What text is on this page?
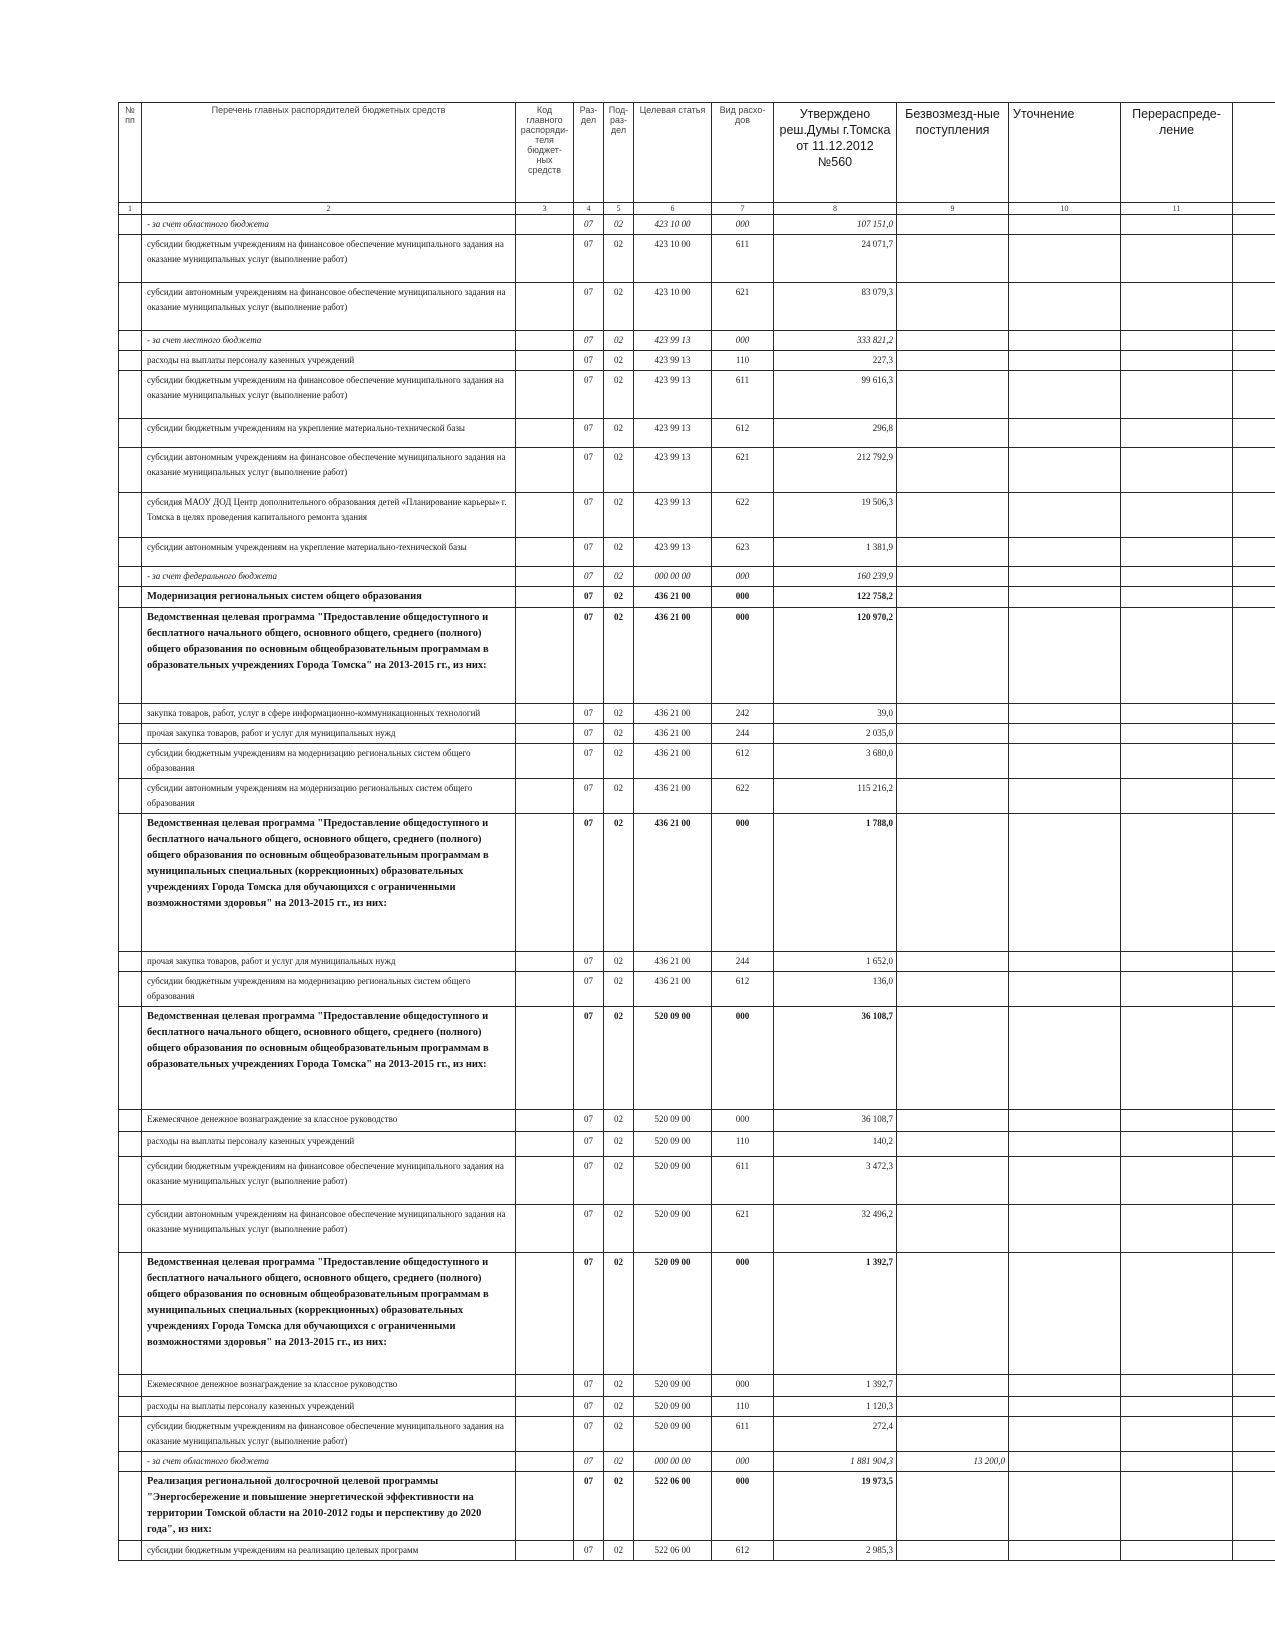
№ пп	Перечень главных распорядителей бюджетных средств	Код главного распоряди-теля бюджет-ных средств	Раз-дел	Под-раз-дел	Целевая статья	Вид расхо-дов	Утверждено реш.Думы г.Томска от 11.12.2012 №560	Безвозмезд-ные поступления	Уточнение	Перераспреде-ление	
1	2	3	4	5	6	7	8	9	10	11	
	- за счет областного бюджета		07	02	423 10 00	000	107 151,0				
	субсидии бюджетным учреждениям на финансовое обеспечение муниципального задания на оказание муниципальных услуг (выполнение работ)		07	02	423 10 00	611	24 071,7				
	субсидии автономным учреждениям на финансовое обеспечение муниципального задания на оказание муниципальных услуг (выполнение работ)		07	02	423 10 00	621	83 079,3				
	- за счет местного бюджета		07	02	423 99 13	000	333 821,2				
	расходы на выплаты персоналу казенных учреждений		07	02	423 99 13	110	227,3				
	субсидии бюджетным учреждениям на финансовое обеспечение муниципального задания на оказание муниципальных услуг (выполнение работ)		07	02	423 99 13	611	99 616,3				
	субсидии бюджетным учреждениям на укрепление материально-технической базы		07	02	423 99 13	612	296,8				
	субсидии автономным учреждениям на финансовое обеспечение муниципального задания на оказание муниципальных услуг (выполнение работ)		07	02	423 99 13	621	212 792,9				
	субсидия МАОУ ДОД Центр дополнительного образования детей «Планирование карьеры» г. Томска в целях проведения капитального ремонта здания		07	02	423 99 13	622	19 506,3				
	субсидии автономным учреждениям на укрепление материально-технической базы		07	02	423 99 13	623	1 381,9				
	- за счет федерального бюджета		07	02	000 00 00	000	160 239,9				
	Модернизация региональных систем общего образования		07	02	436 21 00	000	122 758,2				
	Ведомственная целевая программа "Предоставление общедоступного и бесплатного начального общего, основного общего, среднего (полного) общего образования по основным общеобразовательным программам в образовательных учреждениях Города Томска" на 2013-2015 гг., из них:		07	02	436 21 00	000	120 970,2				
	закупка товаров, работ, услуг в сфере информационно-коммуникационных технологий		07	02	436 21 00	242	39,0				
	прочая закупка товаров, работ и услуг для муниципальных нужд		07	02	436 21 00	244	2 035,0				
	субсидии бюджетным учреждениям на модернизацию региональных систем общего образования		07	02	436 21 00	612	3 680,0				
	субсидии автономным учреждениям на модернизацию региональных систем общего образования		07	02	436 21 00	622	115 216,2				
	Ведомственная целевая программа "Предоставление общедоступного и бесплатного начального общего, основного общего, среднего (полного) общего образования по основным общеобразовательным программам в муниципальных специальных (коррекционных) образовательных учреждениях Города Томска для обучающихся с ограниченными возможностями здоровья" на 2013-2015 гг., из них:		07	02	436 21 00	000	1 788,0				
	прочая закупка товаров, работ и услуг для муниципальных нужд		07	02	436 21 00	244	1 652,0				
	субсидии бюджетным учреждениям на модернизацию региональных систем общего образования		07	02	436 21 00	612	136,0				
	Ведомственная целевая программа "Предоставление общедоступного и бесплатного начального общего, основного общего, среднего (полного) общего образования по основным общеобразовательным программам в образовательных учреждениях Города Томска" на 2013-2015 гг., из них:		07	02	520 09 00	000	36 108,7				
	Ежемесячное денежное вознаграждение за классное руководство		07	02	520 09 00	000	36 108,7				
	расходы на выплаты персоналу казенных учреждений		07	02	520 09 00	110	140,2				
	субсидии бюджетным учреждениям на финансовое обеспечение муниципального задания на оказание муниципальных услуг (выполнение работ)		07	02	520 09 00	611	3 472,3				
	субсидии автономным учреждениям на финансовое обеспечение муниципального задания на оказание муниципальных услуг (выполнение работ)		07	02	520 09 00	621	32 496,2				
	Ведомственная целевая программа "Предоставление общедоступного и бесплатного начального общего, основного общего, среднего (полного) общего образования по основным общеобразовательным программам в муниципальных специальных (коррекционных) образовательных учреждениях Города Томска для обучающихся с ограниченными возможностями здоровья" на 2013-2015 гг., из них:		07	02	520 09 00	000	1 392,7				
	Ежемесячное денежное вознаграждение за классное руководство		07	02	520 09 00	000	1 392,7				
	расходы на выплаты персоналу казенных учреждений		07	02	520 09 00	110	1 120,3				
	субсидии бюджетным учреждениям на финансовое обеспечение муниципального задания на оказание муниципальных услуг (выполнение работ)		07	02	520 09 00	611	272,4				
	- за счет областного бюджета		07	02	000 00 00	000	1 881 904,3	13 200,0			
	Реализация региональной долгосрочной целевой программы "Энергосбережение и повышение энергетической эффективности на территории Томской области на 2010-2012 годы и перспективу до 2020 года", из них:		07	02	522 06 00	000	19 973,5				
	субсидии бюджетным учреждениям на реализацию целевых программ		07	02	522 06 00	612	2 985,3				
